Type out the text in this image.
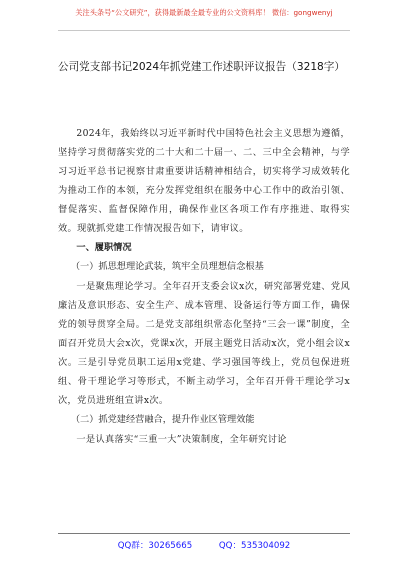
关注头条号“公文研究”，获得最新最全最专业的公文资料库！ 微信：gongwenyj
公司党支部书记2024年抓党建工作述职评议报告（3218字）

2024年，我始终以习近平新时代中国特色社会主义思想为遵循，坚持学习贯彻落实党的二十大和二十届一、二、三中全会精神，与学习习近平总书记视察甘肃重要讲话精神相结合，切实将学习成效转化为推动工作的本领，充分发挥党组织在服务中心工作中的政治引领、督促落实、监督保障作用，确保作业区各项工作有序推进、取得实效。现就抓党建工作情况报告如下，请审议。

一、履职情况

（一）抓思想理论武装，筑牢全员理想信念根基

一是聚焦理论学习。全年召开支委会议x次，研究部署党建、党风廉洁及意识形态、安全生产、成本管理、设备运行等方面工作，确保党的领导贯穿全局。二是党支部组织常态化坚持“三会一课”制度，全面召开党员大会x次，党课x次，开展主题党日活动x次，党小组会议x次。三是引导党员职工运用x党建、学习强国等线上，党员包保进班组、骨干理论学习等形式，不断主动学习，全年召开骨干理论学习x次，党员进班组宣讲x次。

（二）抓党建经营融合，提升作业区管理效能

一是认真落实“三重一大”决策制度，全年研究讨论

QQ群：30265665	QQ：535304092
